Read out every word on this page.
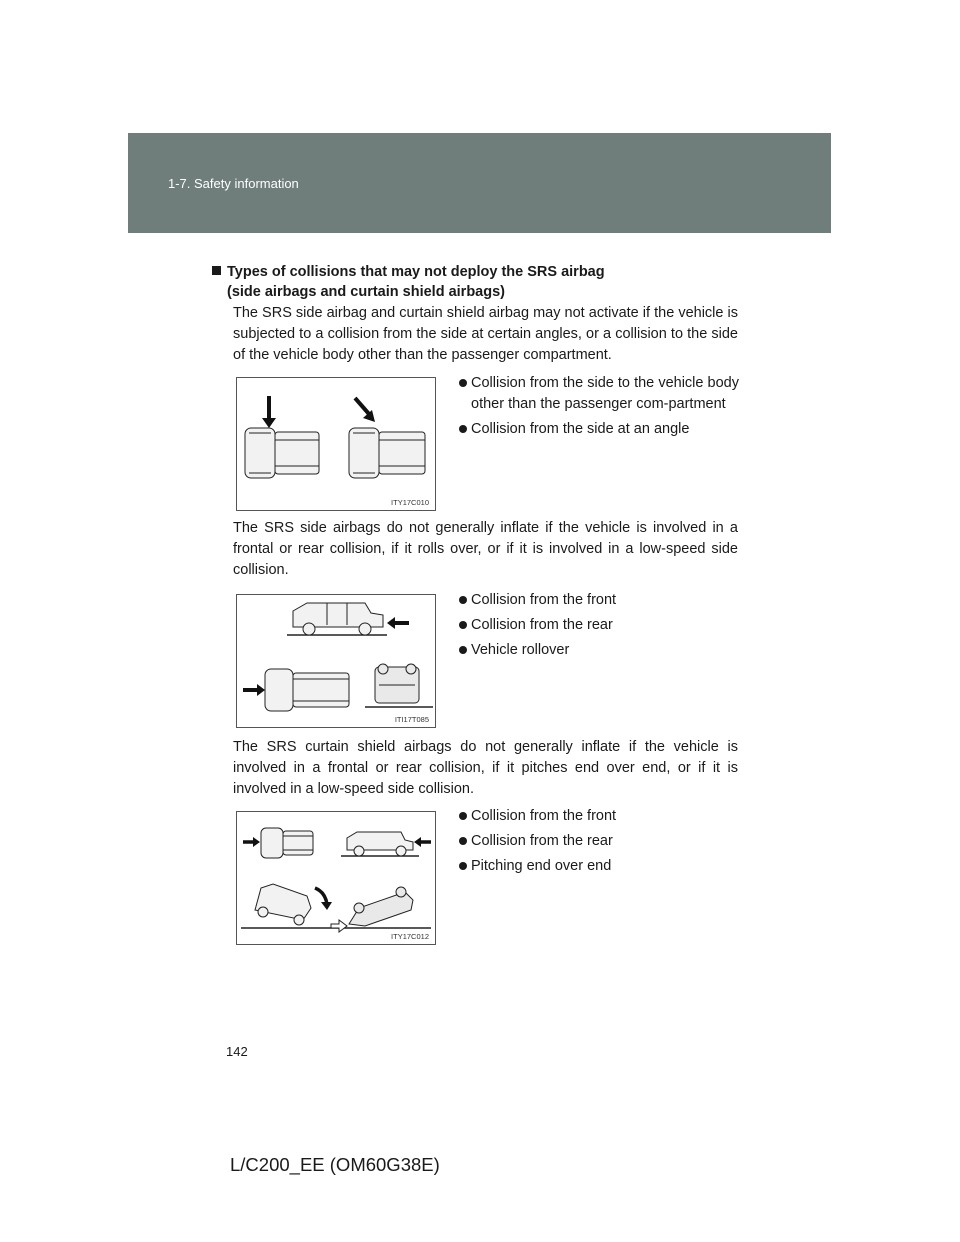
1-7. Safety information
Types of collisions that may not deploy the SRS airbag
(side airbags and curtain shield airbags)
The SRS side airbag and curtain shield airbag may not activate if the vehicle is subjected to a collision from the side at certain angles, or a collision to the side of the vehicle body other than the passenger compartment.
ITY17C010
Collision from the side to the vehicle body other than the passenger com-partment
Collision from the side at an angle
The SRS side airbags do not generally inflate if the vehicle is involved in a frontal or rear collision, if it rolls over, or if it is involved in a low-speed side collision.
ITI17T085
Collision from the front
Collision from the rear
Vehicle rollover
The SRS curtain shield airbags do not generally inflate if the vehicle is involved in a frontal or rear collision, if it pitches end over end, or if it is involved in a low-speed side collision.
ITY17C012
Collision from the front
Collision from the rear
Pitching end over end
142
L/C200_EE (OM60G38E)
